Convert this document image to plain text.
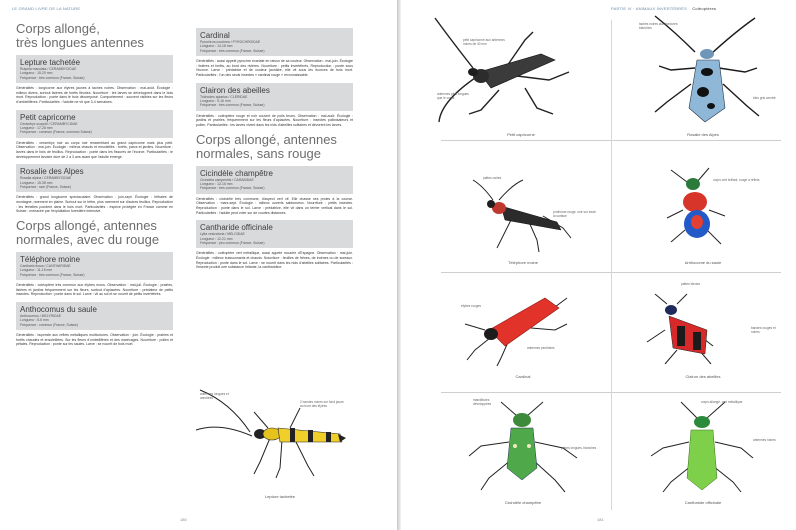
LE GRAND LIVRE DE LA NATURE
Corps allongé,
très longues antennes
Lepture tachetée
Rutpela maculata / CERAMBYCIDAE
Longueur : 15-20 mm
Fréquence : très commun (France, Suisse)
Généralités : longicorne aux élytres jaunes à taches noires. Observation : mai-août. Écologie : milieux divers, surtout lisières de forêts fleuries. Nourriture : les larves se développent dans le bois mort. Reproduction : ponte dans le bois décomposé. Comportement : souvent visibles sur les fleurs d'ombellifères. Particularités : l'adulte ne vit que 3-4 semaines.
Petit capricorne
Cerambyx scopolii / CERAMBYCIDAE
Longueur : 17-28 mm
Fréquence : commun (France, commun Suisse)
Généralités : cerambyx noir au corps noir ressemblant au grand capricorne mais plus petit. Observation : mai-juin. Écologie : milieux chauds et ensoleillés : forêts, parcs et jardins. Nourriture : larves dans le bois de feuillus. Reproduction : ponte dans les fissures de l'écorce. Particularités : le développement larvaire dure de 2 à 3 ans avant que l'adulte émerge.
Rosalie des Alpes
Rosalia alpina / CERAMBYCIDAE
Longueur : 15-38 mm
Fréquence : rare (France, Suisse)
Généralités : grand longicorne spectaculaire. Observation : juin-sept. Écologie : hêtraies de montagne, rarement en plaine. Surtout sur le hêtre, plus rarement sur d'autres feuillus. Reproduction : les femelles pondent dans le bois mort. Particularités : espèce protégée en France comme en Suisse ; menacée par l'exploitation forestière intensive.
Corps allongé, antennes
normales, avec du rouge
Téléphore moine
Cantharis fusca / CANTHARIDAE
Longueur : 11-15 mm
Fréquence : très commun (France, Suisse)
Généralités : coléoptère très commun aux élytres mous. Observation : mai-juil. Écologie : prairies, lisières et jardins fréquemment sur les fleurs, surtout d'apiacées. Nourriture : prédateur de petits insectes. Reproduction : ponte dans le sol. Larve : vit au sol et se nourrit de petits invertébrés.
Anthocomus du saule
Anthocomus / MELYRIDAE
Longueur : 5-6 mm
Fréquence : commun (France, Suisse)
Généralités : bupreste aux reflets métalliques multicolores. Observation : juin. Écologie : prairies et forêts chaudes et ensoleillées. Sur les fleurs d'ombellifères et des marécages. Nourriture : pollen et pétales. Reproduction : ponte sur les saules. Larve : se nourrit de bois mort.
Cardinal
Pyrochroa coccinea / PYROCHROIDAE
Longueur : 14-18 mm
Fréquence : très commun (France, Suisse)
Généralités : aussi appelé pyrochre écarlate en raison de sa couleur. Observation : mai-juin. Écologie : lisières et forêts, au bord des rivières. Nourriture : petits invertébrés. Reproduction : ponte sous l'écorce. Larve : prédatrice et de couleur jaunâtre, elle vit sous les écorces de bois mort. Particularités : l'un des seuls insectes « cardinal rouge » reconnaissable.
Clairon des abeilles
Trichodes apiarius / CLERIDAE
Longueur : 9-16 mm
Fréquence : très commun (France, Suisse)
Généralités : coléoptère rouge et noir couvert de poils bruns. Observation : mai-août. Écologie : jardins et prairies, fréquemment sur les fleurs d'apiacées. Nourriture : insectes pollinisateurs et pollen. Particularités : les larves vivent dans les nids d'abeilles solitaires et dévorent les larves.
Corps allongé, antennes
normales, sans rouge
Cicindèle champêtre
Cicindela campestris / CARABIDAE
Longueur : 12-16 mm
Fréquence : très commun (France, Suisse)
Généralités : cicindèle très commune, d'aspect vert vif. Elle chasse ses proies à la course. Observation : mars-sept. Écologie : milieux ouverts sablonneux. Nourriture : petits insectes. Reproduction : ponte dans le sol. Larve : prédatrice, elle vit dans un terrier vertical dans le sol. Particularités : l'adulte peut voler sur de courtes distances.
Cantharide officinale
Lytta vesicatoria / MELOIDAE
Longueur : 12-21 mm
Fréquence : peu commun (France, Suisse)
Généralités : coléoptère vert métallique, aussi appelé mouche d'Espagne. Observation : mai-juin. Écologie : milieux buissonnants et chauds. Nourriture : feuilles de frênes, de troènes ou de sureaux. Reproduction : ponte dans le sol. Larve : se nourrit dans les nids d'abeilles solitaires. Particularités : l'insecte produit une substance irritante, la cantharidine.
antennes longues et annelées
2 bandes noires sur fond jaune au bord des élytres
Lepture tachetée
180
PARTIE IV · ANIMAUX INVERTÉBRÉS Coléoptères
petit capricorne aux antennes noires de 40 mm
antennes plus longues que le corps
Petit capricorne
taches noires aux bordures blanches
bleu gris cendré
Rosalie des Alpes
pattes noires
prothorax rouge, noir sur toute la surface
Téléphore moine
corps vert brillant, rouge à reflets
Anthocome du saule
élytres rouges
antennes pectinées
Cardinal
pattes bleues
bandes rouges et noires
Clairon des abeilles
mandibules développées
pattes longues, blanches
Cicindèle champêtre
corps allongé, vert métallique
antennes noires
Cantharide officinale
181
